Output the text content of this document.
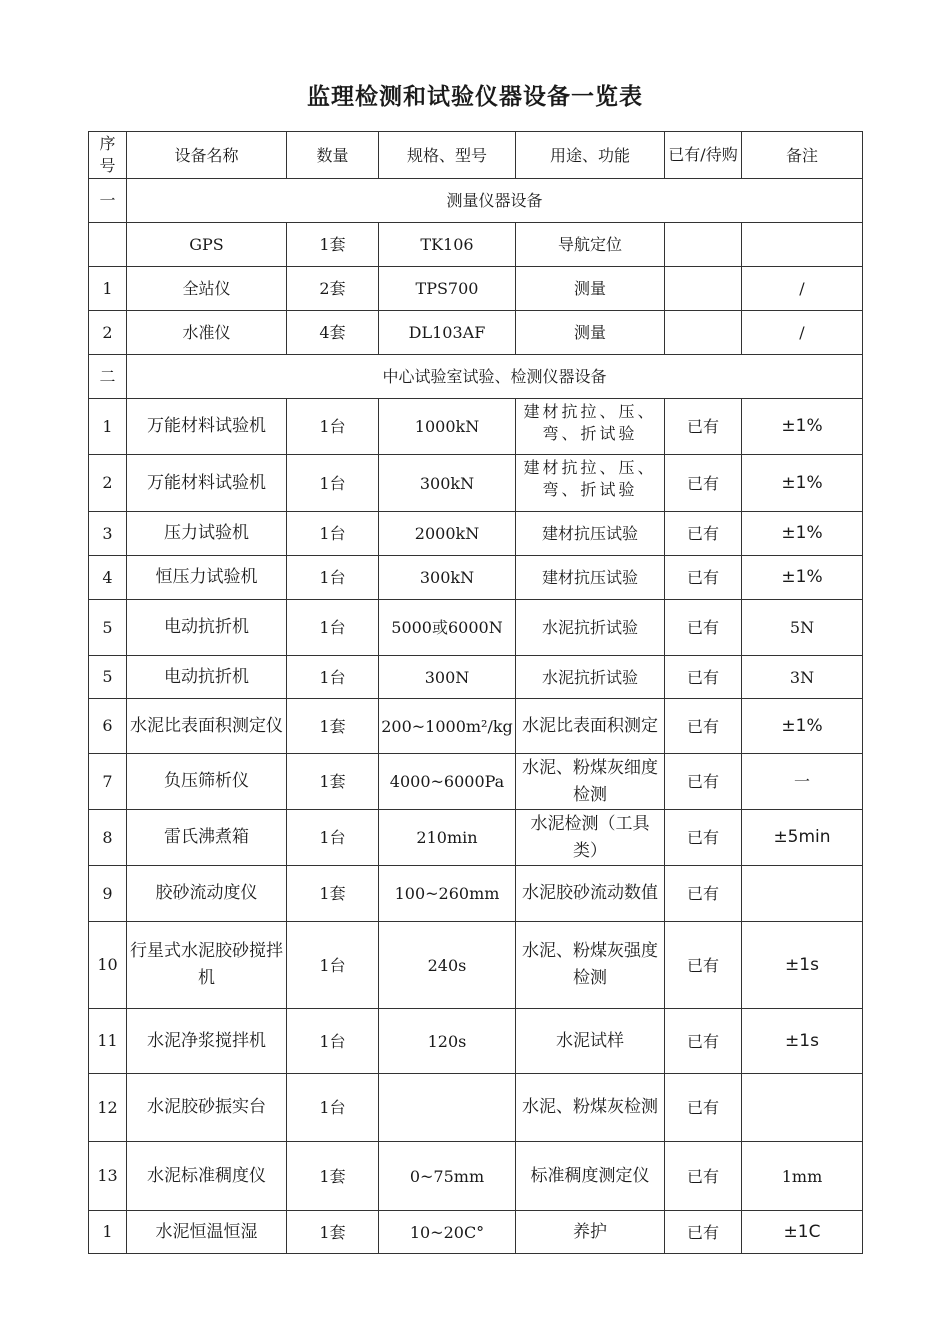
监理检测和试验仪器设备一览表
序号	设备名称	数量	规格、型号	用途、功能	已有/待购	备注
一	测量仪器设备					
	GPS	1套	TK106	导航定位		
1	全站仪	2套	TPS700	测量		/
2	水准仪	4套	DL103AF	测量		/
二	中心试验室试验、检测仪器设备					
1	万能材料试验机	1台	1000kN	建材抗拉、压、弯、折试验	已有	±1%
2	万能材料试验机	1台	300kN	建材抗拉、压、弯、折试验	已有	±1%
3	压力试验机	1台	2000kN	建材抗压试验	已有	±1%
4	恒压力试验机	1台	300kN	建材抗压试验	已有	±1%
5	电动抗折机	1台	5000或6000N	水泥抗折试验	已有	5N
5	电动抗折机	1台	300N	水泥抗折试验	已有	3N
6	水泥比表面积测定仪	1套	200~1000m²/kg	水泥比表面积测定	已有	±1%
7	负压筛析仪	1套	4000~6000Pa	水泥、粉煤灰细度检测	已有	一
8	雷氏沸煮箱	1台	210min	水泥检测（工具类）	已有	±5min
9	胶砂流动度仪	1套	100~260mm	水泥胶砂流动数值	已有	
10	行星式水泥胶砂搅拌机	1台	240s	水泥、粉煤灰强度检测	已有	±1s
11	水泥净浆搅拌机	1台	120s	水泥试样	已有	±1s
12	水泥胶砂振实台	1台		水泥、粉煤灰检测	已有	
13	水泥标准稠度仪	1套	0~75mm	标准稠度测定仪	已有	1mm
1	水泥恒温恒湿	1套	10~20C°	养护	已有	±1C
